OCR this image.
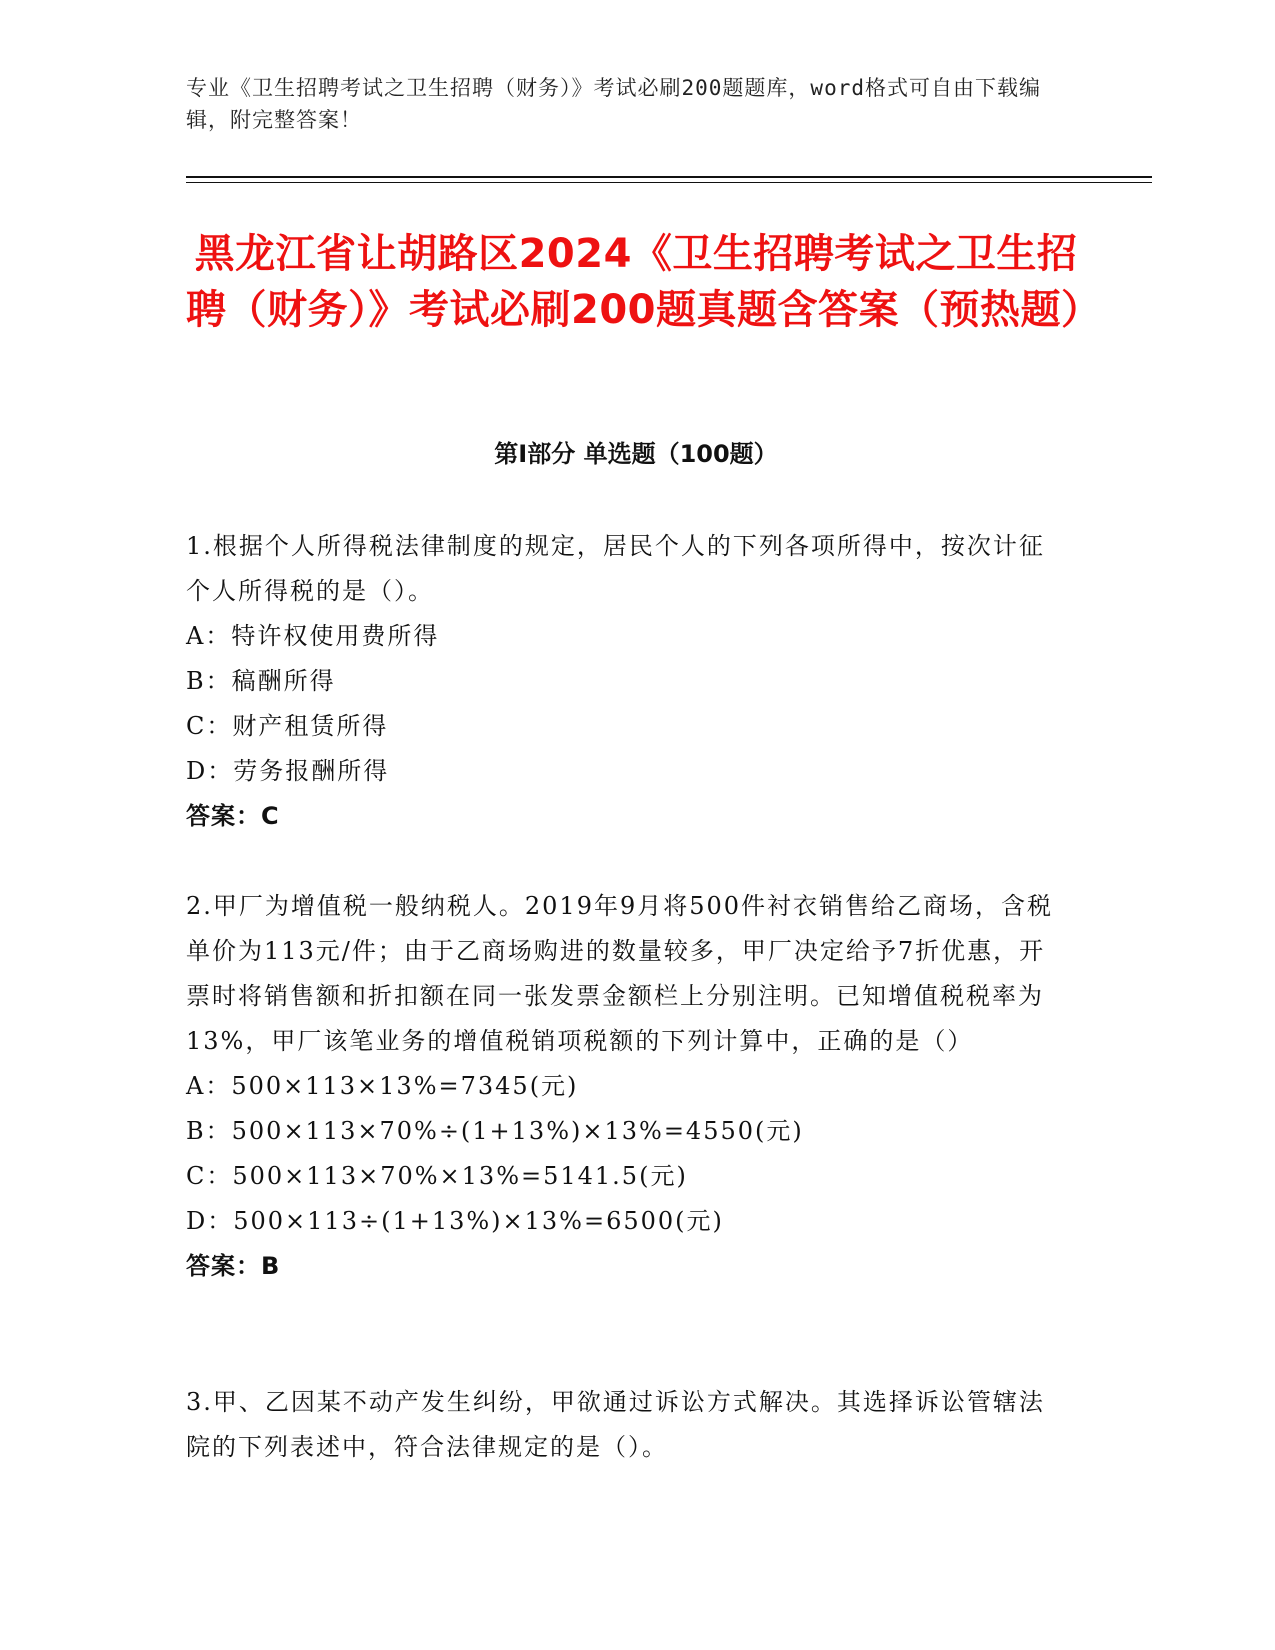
专业《卫生招聘考试之卫生招聘（财务）》考试必刷200题题库，word格式可自由下载编辑，附完整答案！
黑龙江省让胡路区2024《卫生招聘考试之卫生招聘（财务）》考试必刷200题真题含答案（预热题）
第Ⅰ部分 单选题（100题）

1.根据个人所得税法律制度的规定，居民个人的下列各项所得中，按次计征个人所得税的是（）。

A：特许权使用费所得

B：稿酬所得

C：财产租赁所得

D：劳务报酬所得

答案：C

2.甲厂为增值税一般纳税人。2019年9月将500件衬衣销售给乙商场，含税单价为113元/件；由于乙商场购进的数量较多，甲厂决定给予7折优惠，开票时将销售额和折扣额在同一张发票金额栏上分别注明。已知增值税税率为13%，甲厂该笔业务的增值税销项税额的下列计算中，正确的是（）

A：500×113×13%=7345(元)

B：500×113×70%÷(1+13%)×13%=4550(元)

C：500×113×70%×13%=5141.5(元)

D：500×113÷(1+13%)×13%=6500(元)

答案：B

3.甲、乙因某不动产发生纠纷，甲欲通过诉讼方式解决。其选择诉讼管辖法院的下列表述中，符合法律规定的是（）。
